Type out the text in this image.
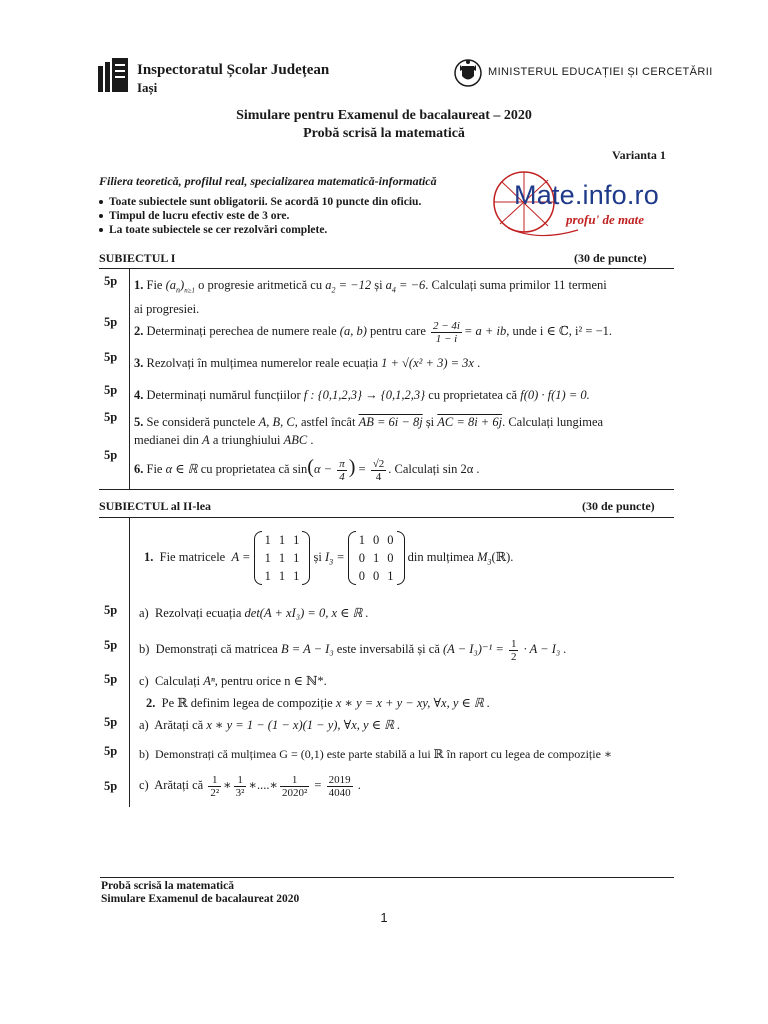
Inspectoratul Școlar Județean
Iași
MINISTERUL EDUCAȚIEI ȘI CERCETĂRII
Simulare pentru Examenul de bacalaureat – 2020
Probă scrisă la matematică
Varianta 1
Filiera teoretică, profilul real, specializarea matematică-informatică
Toate subiectele sunt obligatorii. Se acordă 10 puncte din oficiu.
Timpul de lucru efectiv este de 3 ore.
La toate subiectele se cer rezolvări complete.
Mate.info.ro
profu' de mate
SUBIECTUL I	(30 de puncte)
5p 1. Fie $(a_n)_{n\ge 1}$ o progresie aritmetică cu $a_2 = -12$ și $a_4 = -6$. Calculați suma primilor 11 termeni
ai progresiei.
5p
2. Determinați perechea de numere reale (a, b) pentru care $\frac{2 - 4i}{1 - i} = a$ + ib, unde i ∈ ℂ, i² = −1.
5p 3. Rezolvați în mulțimea numerelor reale ecuația 1 + √(x² + 3) = 3x .
5p 4. Determinați numărul funcțiilor f : {0,1,2,3} → {0,1,2,3} cu proprietatea că f(0) · f(1) = 0.
5p 5. Se consideră punctele A, B, C, astfel încât AB = 6i − 8j și AC = 8i + 6j. Calculați lungimea
medianei din A a triunghiului ABC .
5p
6. Fie α ∈ ℝ cu proprietatea că $\sin(\alpha - \frac{\pi}{4}$ ) = $\frac{√2}{4}$ . Calculați sin 2α .
SUBIECTUL al II-lea	(30 de puncte)
1. Fie matricele A =
1	1	1
1	1	1
1	1	1
și $I_3$ =
1	0	0
0	1	0
0	0	1
din mulțimea $M_3(ℝ)$.
5p a) Rezolvați ecuația det(A + xI₃) = 0, x ∈ ℝ .
5p b) Demonstrați că matricea B = A − I₃ este inversabilă și că $(A - I_3)^{-1} = \frac{1}{2} \cdot A - I_3$ .
5p c) Calculați Aⁿ, pentru orice n ∈ ℕ*.
2. Pe ℝ definim legea de compoziție x ∗ y = x + y − xy, ∀x, y ∈ ℝ .
5p a) Arătați că x ∗ y = 1 − (1 − x)(1 − y), ∀x, y ∈ ℝ .
5p b) Demonstrați că mulțimea G = (0,1) este parte stabilă a lui ℝ în raport cu legea de compoziție ∗
5p c) Arătați că $\frac{1}{\text{2²}}$ ∗ $\frac{1}{\text{3²}}$ ∗....∗ $\frac{1}{\text{2020²}} = \frac{2019}{4040}$ .
Probă scrisă la matematică
Simulare Examenul de bacalaureat 2020
1
